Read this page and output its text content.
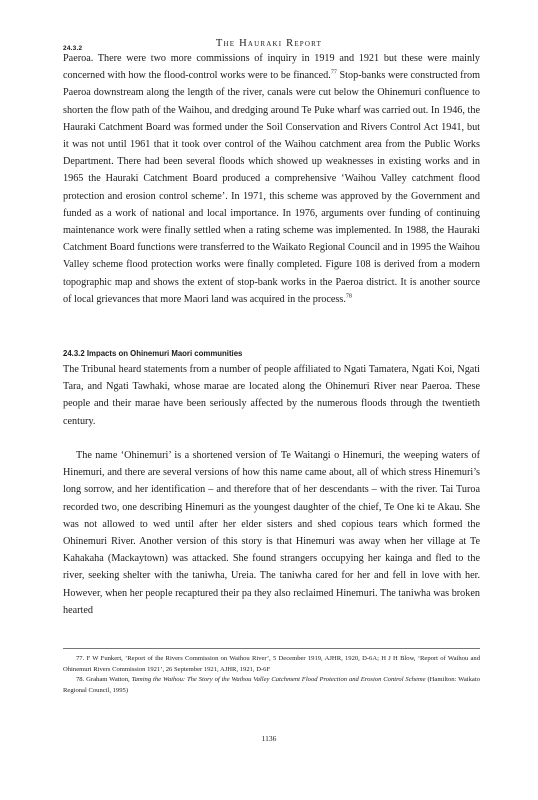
The Hauraki Report
24.3.2

Paeroa. There were two more commissions of inquiry in 1919 and 1921 but these were mainly concerned with how the flood-control works were to be financed.$^{77}$ Stop-banks were constructed from Paeroa downstream along the length of the river, canals were cut below the Ohinemuri confluence to shorten the flow path of the Waihou, and dredging around Te Puke wharf was carried out. In 1946, the Hauraki Catchment Board was formed under the Soil Conservation and Rivers Control Act 1941, but it was not until 1961 that it took over control of the Waihou catchment area from the Public Works Department. There had been several floods which showed up weaknesses in existing works and in 1965 the Hauraki Catchment Board produced a comprehensive ‘Waihou Valley catchment flood protection and erosion control scheme’. In 1971, this scheme was approved by the Government and funded as a work of national and local importance. In 1976, arguments over funding of continuing maintenance work were finally settled when a rating scheme was implemented. In 1988, the Hauraki Catchment Board functions were transferred to the Waikato Regional Council and in 1995 the Waihou Valley scheme flood protection works were finally completed. Figure 108 is derived from a modern topographic map and shows the extent of stop-bank works in the Paeroa district. It is another source of local grievances that more Maori land was acquired in the process.$^{78}$

24.3.2 Impacts on Ohinemuri Maori communities

The Tribunal heard statements from a number of people affiliated to Ngati Tamatera, Ngati Koi, Ngati Tara, and Ngati Tawhaki, whose marae are located along the Ohinemuri River near Paeroa. These people and their marae have been seriously affected by the numerous floods through the twentieth century.

The name ‘Ohinemuri’ is a shortened version of Te Waitangi o Hinemuri, the weeping waters of Hinemuri, and there are several versions of how this name came about, all of which stress Hinemuri’s long sorrow, and her identification – and therefore that of her descendants – with the river. Tai Turoa recorded two, one describing Hinemuri as the youngest daughter of the chief, Te One ki te Akau. She was not allowed to wed until after her elder sisters and shed copious tears which formed the Ohinemuri River. Another version of this story is that Hinemuri was away when her village at Te Kahakaha (Mackaytown) was attacked. She found strangers occupying her kainga and fled to the river, seeking shelter with the taniwha, Ureia. The taniwha cared for her and fell in love with her. However, when her people recaptured their pa they also reclaimed Hinemuri. The taniwha was broken hearted

77. F W Funkert, ‘Report of the Rivers Commission on Waihou River’, 5 December 1919, AJHR, 1920, D-6A; H J H Blow, ‘Report of Waihou and Ohinemuri Rivers Commission 1921’, 26 September 1921, AJHR, 1921, D-6F

78. Graham Watton, Taming the Waihou: The Story of the Waihou Valley Catchment Flood Protection and Erosion Control Scheme (Hamilton: Waikato Regional Council, 1995)

1136
